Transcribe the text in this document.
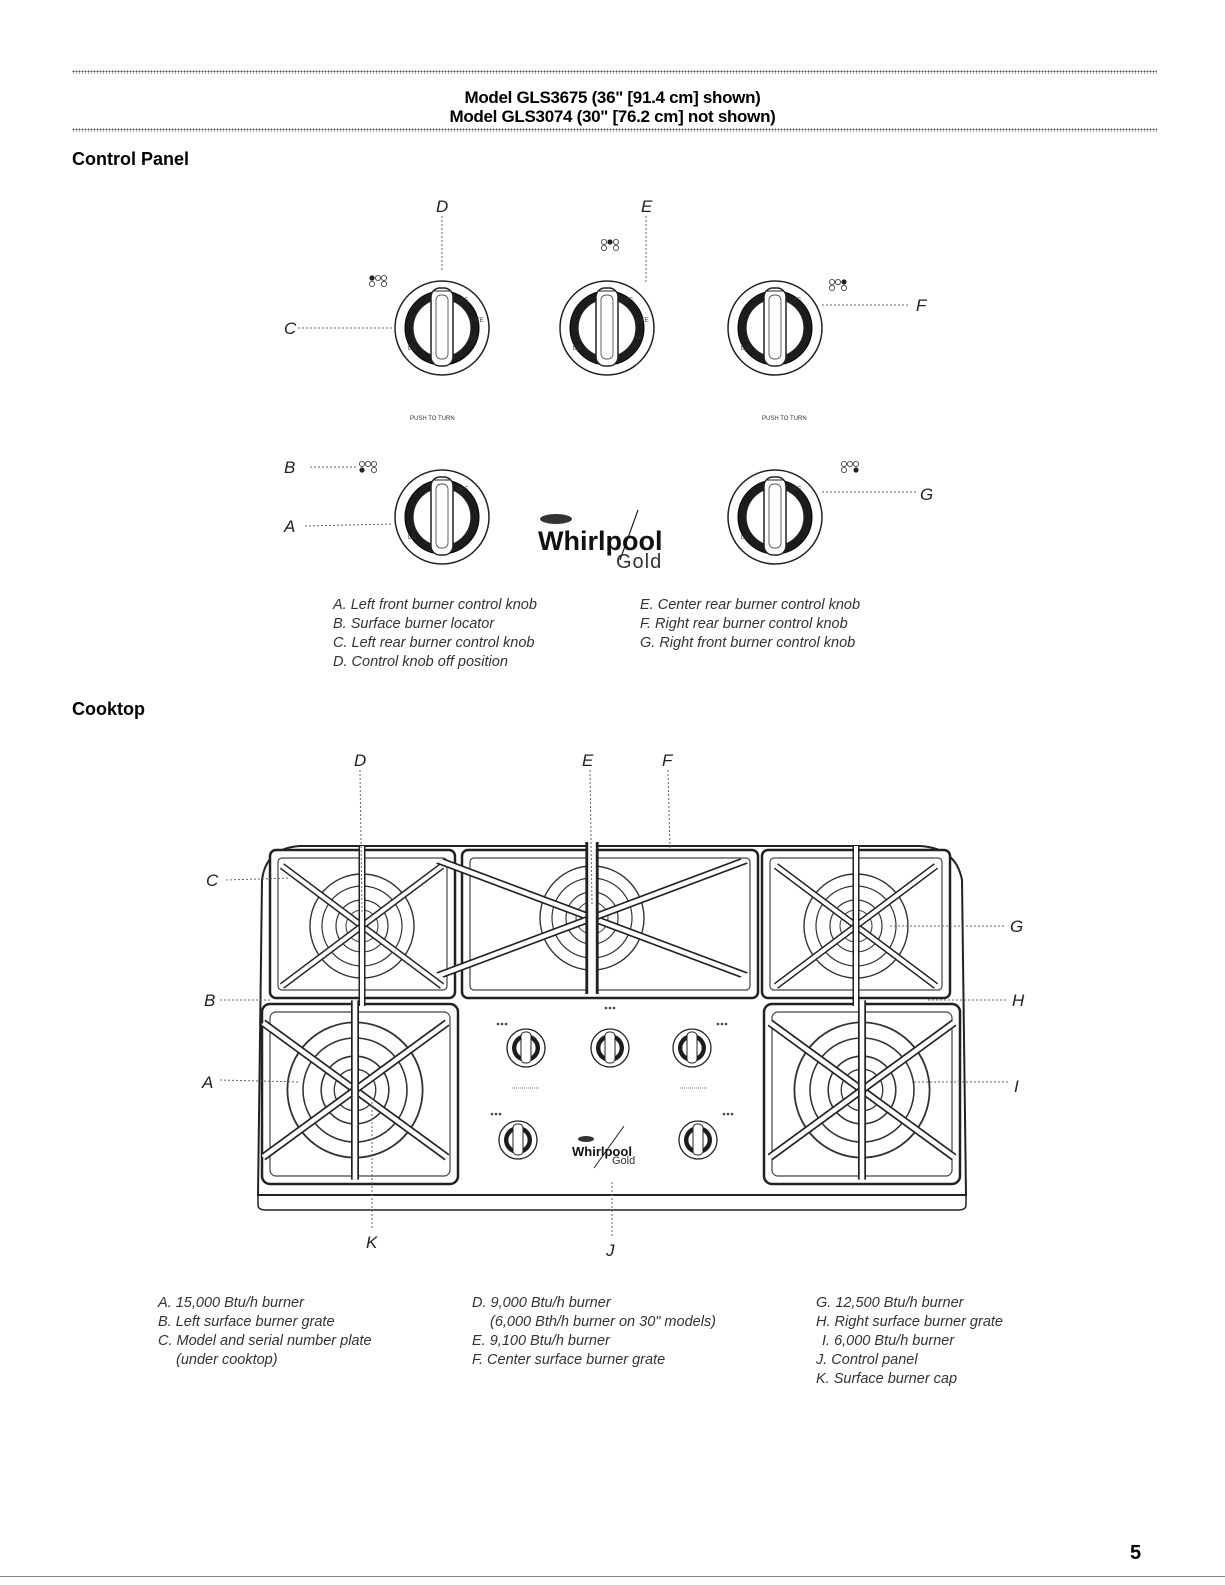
Model GLS3675 (36" [91.4 cm] shown)
Model GLS3074 (30" [76.2 cm] not shown)
Control Panel
OFF
LITE
HI
LO
OFF
LITE
HI
LO
OFF
LO
OFF
LO
OFF
LO
PUSH TO TURN	PUSH TO TURN
Whirlpool
Gold
D	E
C
F
B
A
G
A. Left front burner control knob
B. Surface burner locator
C. Left rear burner control knob
D. Control knob off position
E. Center rear burner control knob
F. Right rear burner control knob
G. Right front burner control knob
Cooktop
Whirlpool
Gold
D	E	F
C
B
A
G
H
I
K	J
A. 15,000 Btu/h burner
B. Left surface burner grate
C. Model and serial number plate
(under cooktop)
D. 9,000 Btu/h burner
(6,000 Bth/h burner on 30" models)
E. 9,100 Btu/h burner
F. Center surface burner grate
G. 12,500 Btu/h burner
H. Right surface burner grate
I. 6,000 Btu/h burner
J. Control panel
K. Surface burner cap
5
